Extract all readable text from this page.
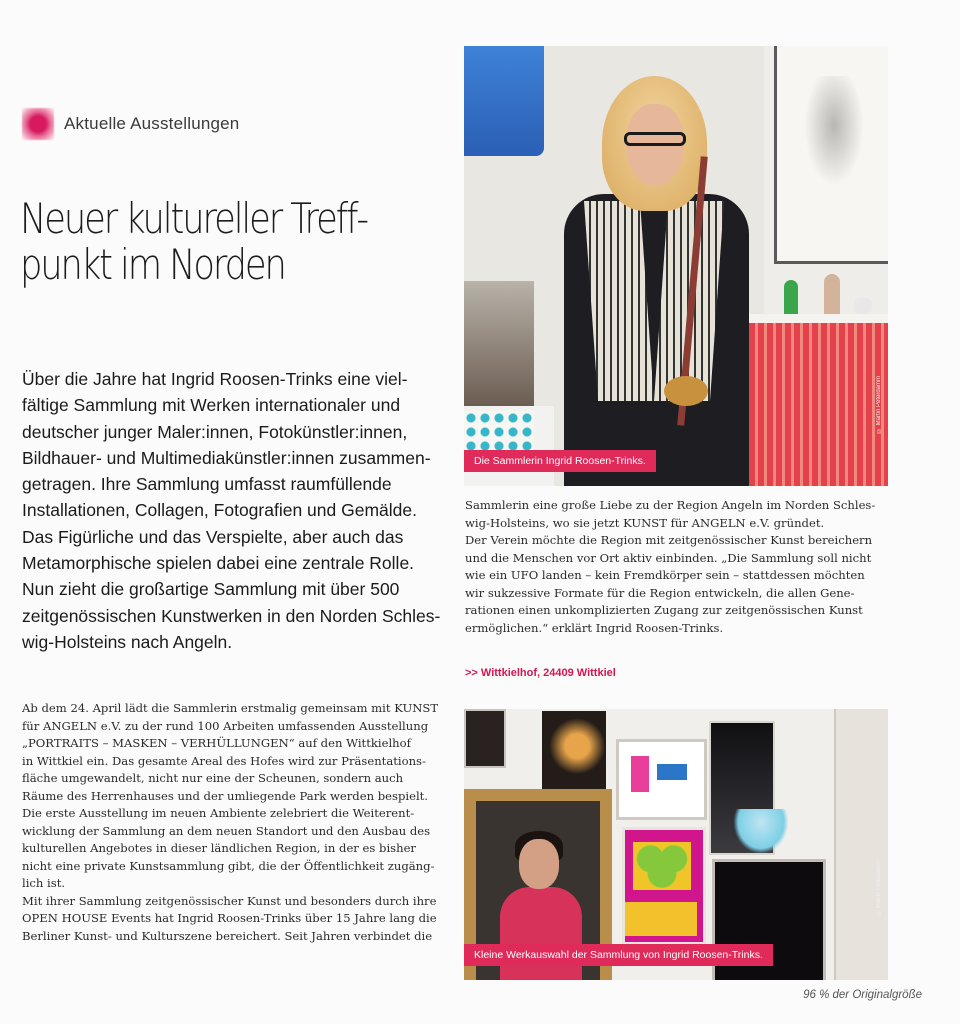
Aktuelle Ausstellungen
Neuer kultureller Treff-
punkt im Norden

Über die Jahre hat Ingrid Roosen-Trinks eine viel-
fältige Sammlung mit Werken internationaler und
deutscher junger Maler:innen, Fotokünstler:innen,
Bildhauer- und Multimediakünstler:innen zusammen-
getragen. Ihre Sammlung umfasst raumfüllende
Installationen, Collagen, Fotografien und Gemälde.
Das Figürliche und das Verspielte, aber auch das
Metamorphische spielen dabei eine zentrale Rolle.
Nun zieht die großartige Sammlung mit über 500
zeitgenössischen Kunstwerken in den Norden Schles-
wig-Holsteins nach Angeln.

Ab dem 24. April lädt die Sammlerin erstmalig gemeinsam mit KUNST
für ANGELN e.V. zu der rund 100 Arbeiten umfassenden Ausstellung
„PORTRAITS – MASKEN – VERHÜLLUNGEN“ auf den Wittkielhof
in Wittkiel ein. Das gesamte Areal des Hofes wird zur Präsentations-
fläche umgewandelt, nicht nur eine der Scheunen, sondern auch
Räume des Herrenhauses und der umliegende Park werden bespielt.
Die erste Ausstellung im neuen Ambiente zelebriert die Weiterent-
wicklung der Sammlung an dem neuen Standort und den Ausbau des
kulturellen Angebotes in dieser ländlichen Region, in der es bisher
nicht eine private Kunstsammlung gibt, die der Öffentlichkeit zugäng-
lich ist.
Mit ihrer Sammlung zeitgenössischer Kunst und besonders durch ihre
OPEN HOUSE Events hat Ingrid Roosen-Trinks über 15 Jahre lang die
Berliner Kunst- und Kulturszene bereichert. Seit Jahren verbindet die

Die Sammlerin Ingrid Roosen-Trinks.
© Martin Peterdamm

Sammlerin eine große Liebe zu der Region Angeln im Norden Schles-
wig-Holsteins, wo sie jetzt KUNST für ANGELN e.V. gründet.
Der Verein möchte die Region mit zeitgenössischer Kunst bereichern
und die Menschen vor Ort aktiv einbinden. „Die Sammlung soll nicht
wie ein UFO landen – kein Fremdkörper sein – stattdessen möchten
wir sukzessive Formate für die Region entwickeln, die allen Gene-
rationen einen unkomplizierten Zugang zur zeitgenössischen Kunst
ermöglichen.“ erklärt Ingrid Roosen-Trinks.

>> Wittkielhof, 24409 Wittkiel
Kleine Werkauswahl der Sammlung von Ingrid Roosen-Trinks.
© Martin Peterdamm
96 % der Originalgröße
